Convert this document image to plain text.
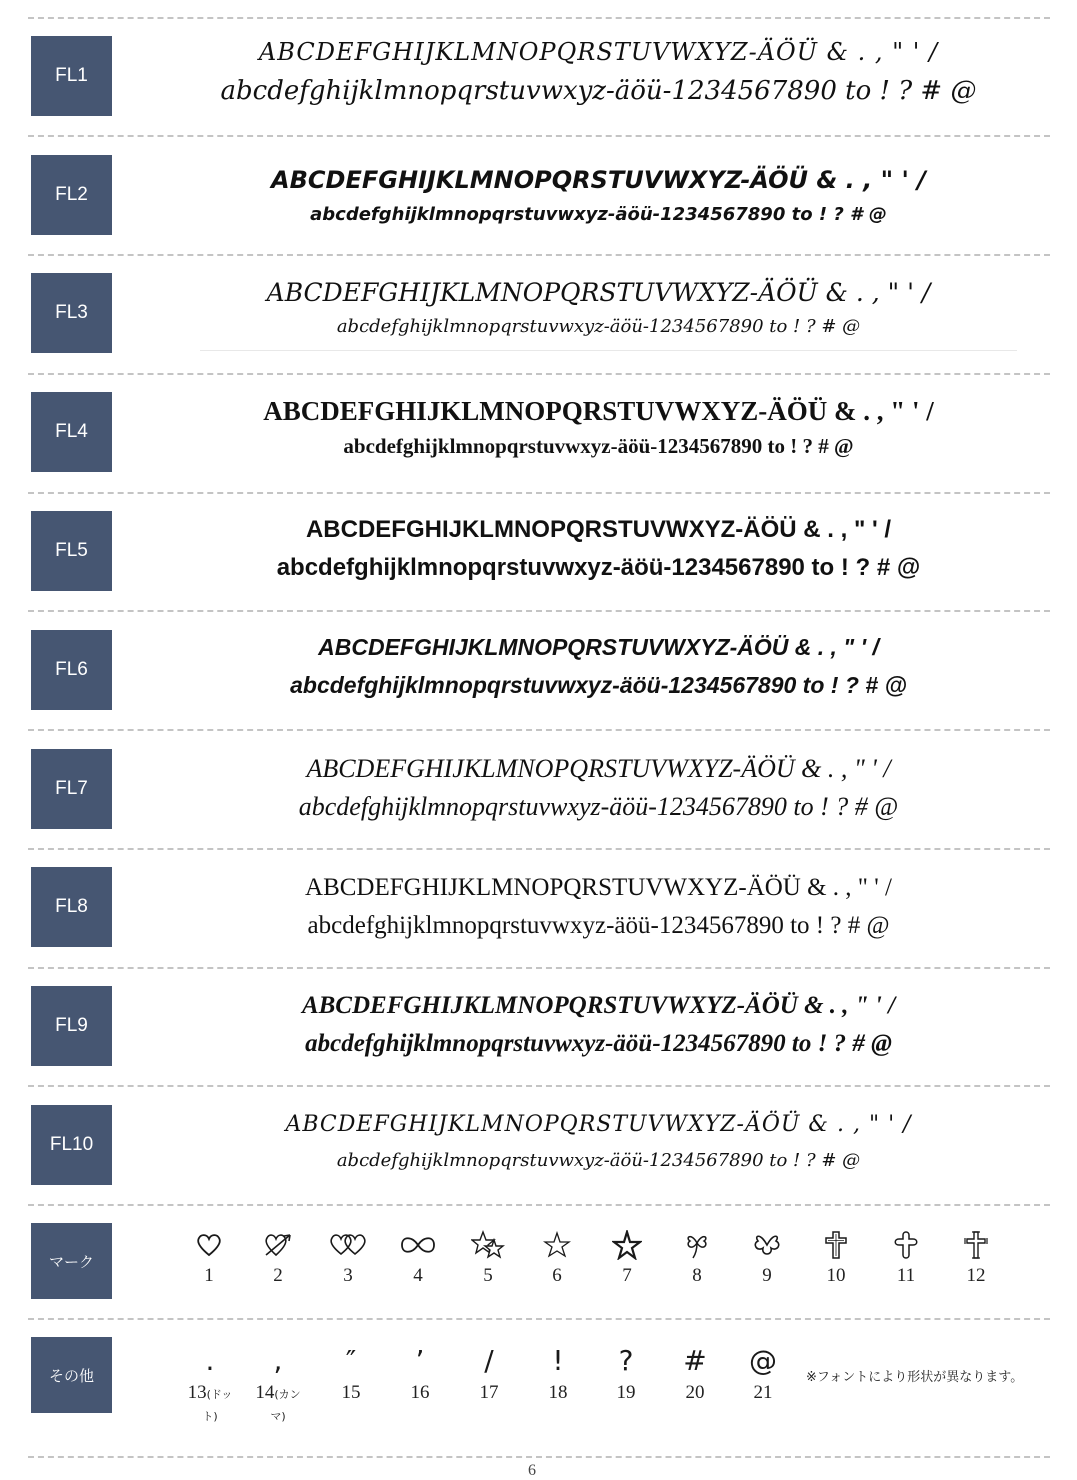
FL1
ABCDEFGHIJKLMNOPQRSTUVWXYZ-ÄÖÜ & . , " ' /
abcdefghijklmnopqrstuvwxyz-äöü-1234567890 to ! ? # @
FL2
ABCDEFGHIJKLMNOPQRSTUVWXYZ-ÄÖÜ & . , " ' /
abcdefghijklmnopqrstuvwxyz-äöü-1234567890 to ! ? # @
FL3
ABCDEFGHIJKLMNOPQRSTUVWXYZ-ÄÖÜ & . , " ' /
abcdefghijklmnopqrstuvwxyz-äöü-1234567890 to ! ? # @
FL4
ABCDEFGHIJKLMNOPQRSTUVWXYZ-ÄÖÜ & . , " ' /
abcdefghijklmnopqrstuvwxyz-äöü-1234567890 to ! ? # @
FL5
ABCDEFGHIJKLMNOPQRSTUVWXYZ-ÄÖÜ & . , " ' /
abcdefghijklmnopqrstuvwxyz-äöü-1234567890 to ! ? # @
FL6
ABCDEFGHIJKLMNOPQRSTUVWXYZ-ÄÖÜ & . , " ' /
abcdefghijklmnopqrstuvwxyz-äöü-1234567890 to ! ? # @
FL7
ABCDEFGHIJKLMNOPQRSTUVWXYZ-ÄÖÜ & . , " ' /
abcdefghijklmnopqrstuvwxyz-äöü-1234567890 to ! ? # @
FL8
ABCDEFGHIJKLMNOPQRSTUVWXYZ-ÄÖÜ & . , " ' /
abcdefghijklmnopqrstuvwxyz-äöü-1234567890 to ! ? # @
FL9
ABCDEFGHIJKLMNOPQRSTUVWXYZ-ÄÖÜ & . , " ' /
abcdefghijklmnopqrstuvwxyz-äöü-1234567890 to ! ? # @
FL10
ABCDEFGHIJKLMNOPQRSTUVWXYZ-ÄÖÜ & . , " ' /
abcdefghijklmnopqrstuvwxyz-äöü-1234567890 to ! ? # @
マーク
1	2	3	4	5	6	7	8	9	10	11	12
その他	.
13(ドット)
,
14(カンマ)
″
15
’
16
/
17
!
18
?
19
#
20
@
21
※フォントにより形状が異なります。
6
